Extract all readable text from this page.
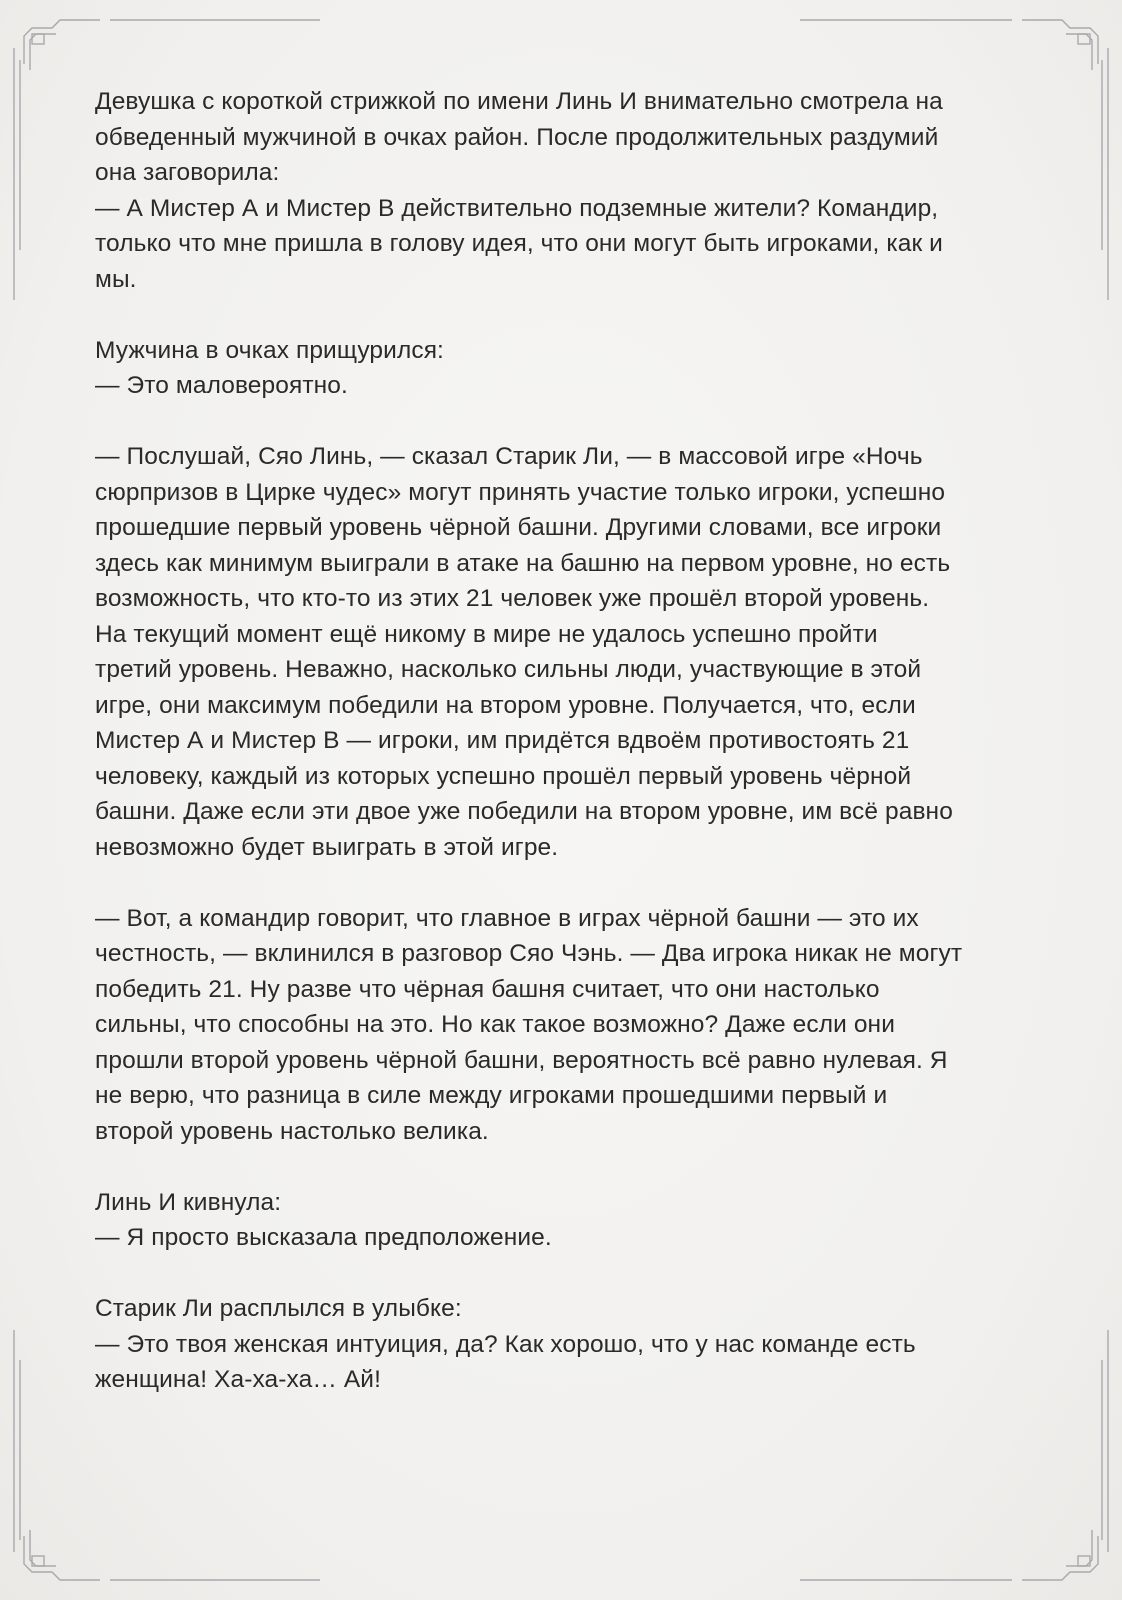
Девушка с короткой стрижкой по имени Линь И внимательно смотрела на
обведенный мужчиной в очках район. После продолжительных раздумий
она заговорила:
— А Мистер А и Мистер В действительно подземные жители? Командир,
только что мне пришла в голову идея, что они могут быть игроками, как и
мы.

Мужчина в очках прищурился:
— Это маловероятно.

— Послушай, Сяо Линь, — сказал Старик Ли, — в массовой игре «Ночь
сюрпризов в Цирке чудес» могут принять участие только игроки, успешно
прошедшие первый уровень чёрной башни. Другими словами, все игроки
здесь как минимум выиграли в атаке на башню на первом уровне, но есть
возможность, что кто-то из этих 21 человек уже прошёл второй уровень.
На текущий момент ещё никому в мире не удалось успешно пройти
третий уровень. Неважно, насколько сильны люди, участвующие в этой
игре, они максимум победили на втором уровне. Получается, что, если
Мистер А и Мистер В — игроки, им придётся вдвоём противостоять 21
человеку, каждый из которых успешно прошёл первый уровень чёрной
башни. Даже если эти двое уже победили на втором уровне, им всё равно
невозможно будет выиграть в этой игре.

— Вот, а командир говорит, что главное в играх чёрной башни — это их
честность, — вклинился в разговор Сяо Чэнь. — Два игрока никак не могут
победить 21. Ну разве что чёрная башня считает, что они настолько
сильны, что способны на это. Но как такое возможно? Даже если они
прошли второй уровень чёрной башни, вероятность всё равно нулевая. Я
не верю, что разница в силе между игроками прошедшими первый и
второй уровень настолько велика.

Линь И кивнула:
— Я просто высказала предположение.

Старик Ли расплылся в улыбке:
— Это твоя женская интуиция, да? Как хорошо, что у нас команде есть
женщина! Ха-ха-ха… Ай!
